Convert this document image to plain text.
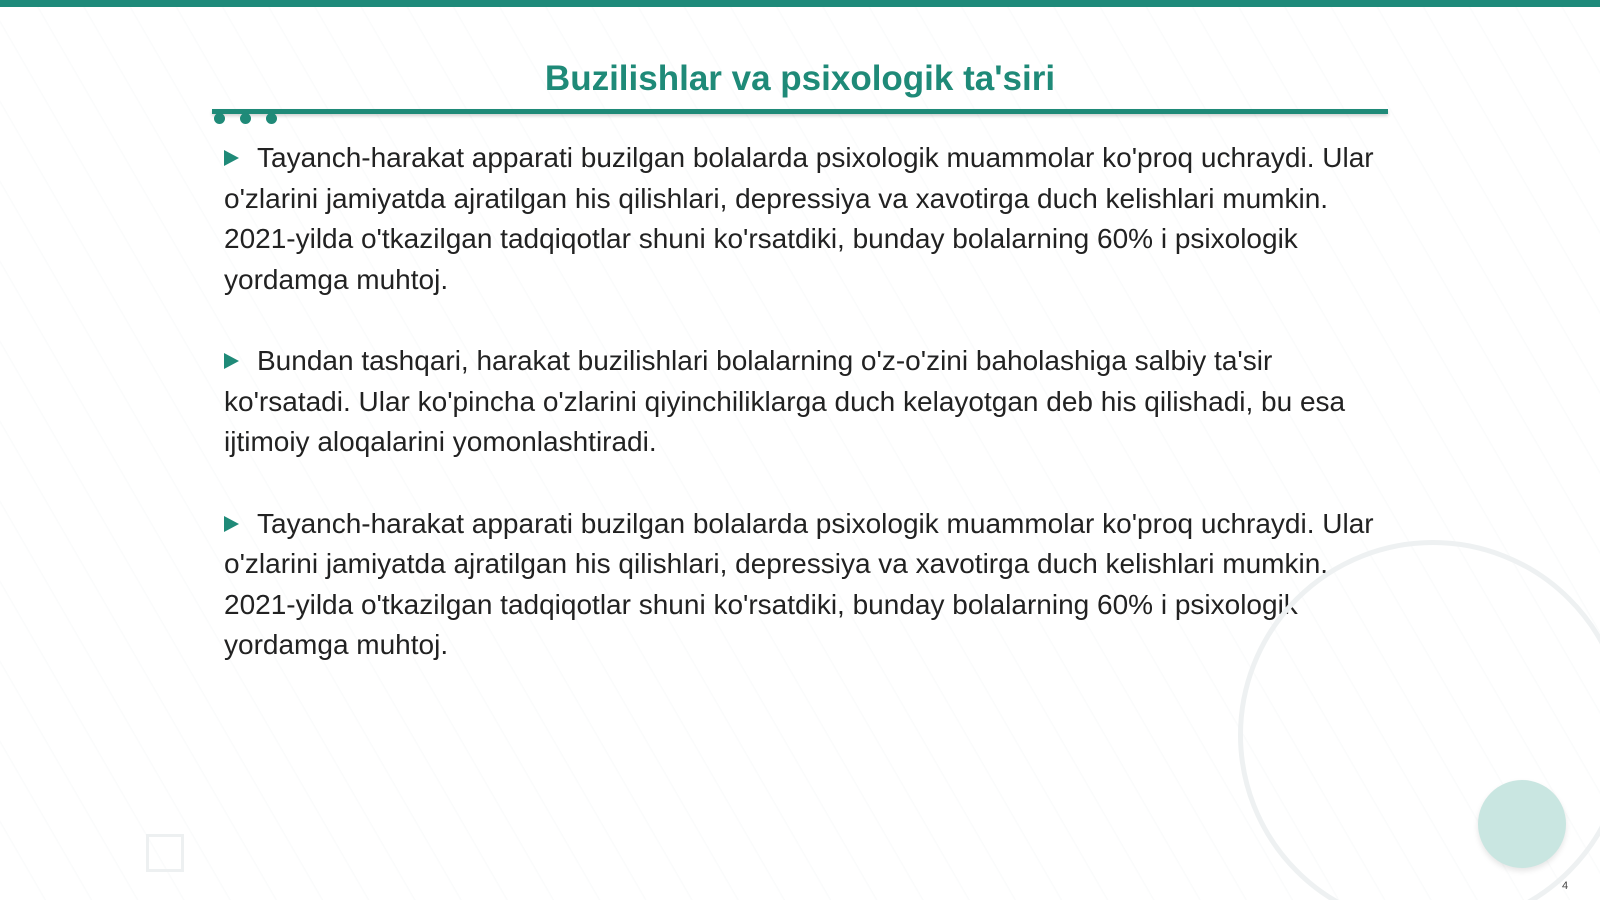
Buzilishlar va psixologik ta'siri

Tayanch-harakat apparati buzilgan bolalarda psixologik muammolar ko'proq uchraydi. Ular o'zlarini jamiyatda ajratilgan his qilishlari, depressiya va xavotirga duch kelishlari mumkin. 2021-yilda o'tkazilgan tadqiqotlar shuni ko'rsatdiki, bunday bolalarning 60% i psixologik yordamga muhtoj.

Bundan tashqari, harakat buzilishlari bolalarning o'z-o'zini baholashiga salbiy ta'sir ko'rsatadi. Ular ko'pincha o'zlarini qiyinchiliklarga duch kelayotgan deb his qilishadi, bu esa ijtimoiy aloqalarini yomonlashtiradi.

Tayanch-harakat apparati buzilgan bolalarda psixologik muammolar ko'proq uchraydi. Ular o'zlarini jamiyatda ajratilgan his qilishlari, depressiya va xavotirga duch kelishlari mumkin. 2021-yilda o'tkazilgan tadqiqotlar shuni ko'rsatdiki, bunday bolalarning 60% i psixologik yordamga muhtoj.

4
